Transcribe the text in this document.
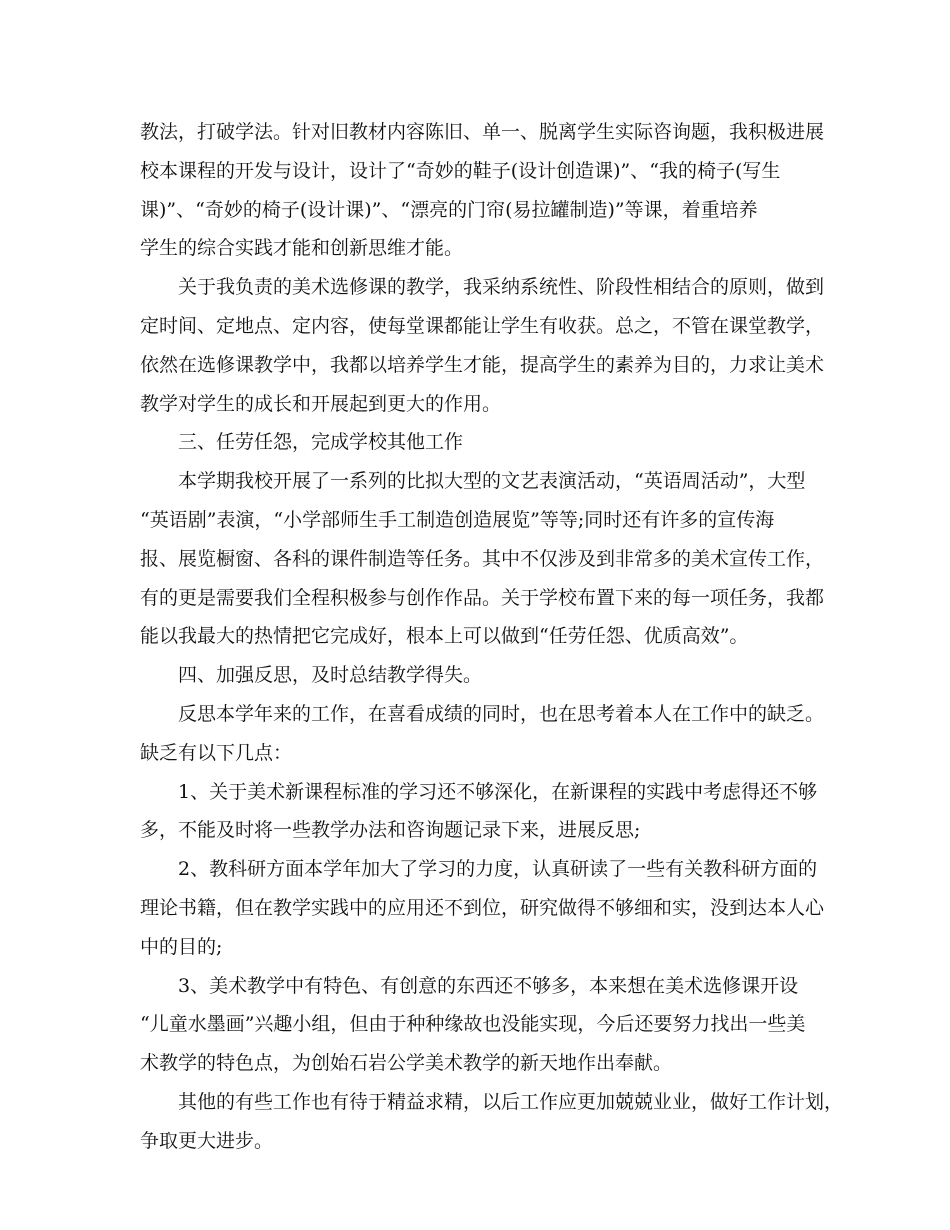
教法，打破学法。针对旧教材内容陈旧、单一、脱离学生实际咨询题，我积极进展
校本课程的开发与设计，设计了“奇妙的鞋子(设计创造课)”、“我的椅子(写生
课)”、“奇妙的椅子(设计课)”、“漂亮的门帘(易拉罐制造)”等课，着重培养
学生的综合实践才能和创新思维才能。
关于我负责的美术选修课的教学，我采纳系统性、阶段性相结合的原则，做到
定时间、定地点、定内容，使每堂课都能让学生有收获。总之，不管在课堂教学，
依然在选修课教学中，我都以培养学生才能，提高学生的素养为目的，力求让美术
教学对学生的成长和开展起到更大的作用。
三、任劳任怨，完成学校其他工作
本学期我校开展了一系列的比拟大型的文艺表演活动，“英语周活动”，大型
“英语剧”表演，“小学部师生手工制造创造展览”等等;同时还有许多的宣传海
报、展览橱窗、各科的课件制造等任务。其中不仅涉及到非常多的美术宣传工作，
有的更是需要我们全程积极参与创作作品。关于学校布置下来的每一项任务，我都
能以我最大的热情把它完成好，根本上可以做到“任劳任怨、优质高效”。
四、加强反思，及时总结教学得失。
反思本学年来的工作，在喜看成绩的同时，也在思考着本人在工作中的缺乏。
缺乏有以下几点：
1、关于美术新课程标准的学习还不够深化，在新课程的实践中考虑得还不够
多，不能及时将一些教学办法和咨询题记录下来，进展反思;
2、教科研方面本学年加大了学习的力度，认真研读了一些有关教科研方面的
理论书籍，但在教学实践中的应用还不到位，研究做得不够细和实，没到达本人心
中的目的;
3、美术教学中有特色、有创意的东西还不够多，本来想在美术选修课开设
“儿童水墨画”兴趣小组，但由于种种缘故也没能实现，今后还要努力找出一些美
术教学的特色点，为创始石岩公学美术教学的新天地作出奉献。
其他的有些工作也有待于精益求精，以后工作应更加兢兢业业，做好工作计划，
争取更大进步。
